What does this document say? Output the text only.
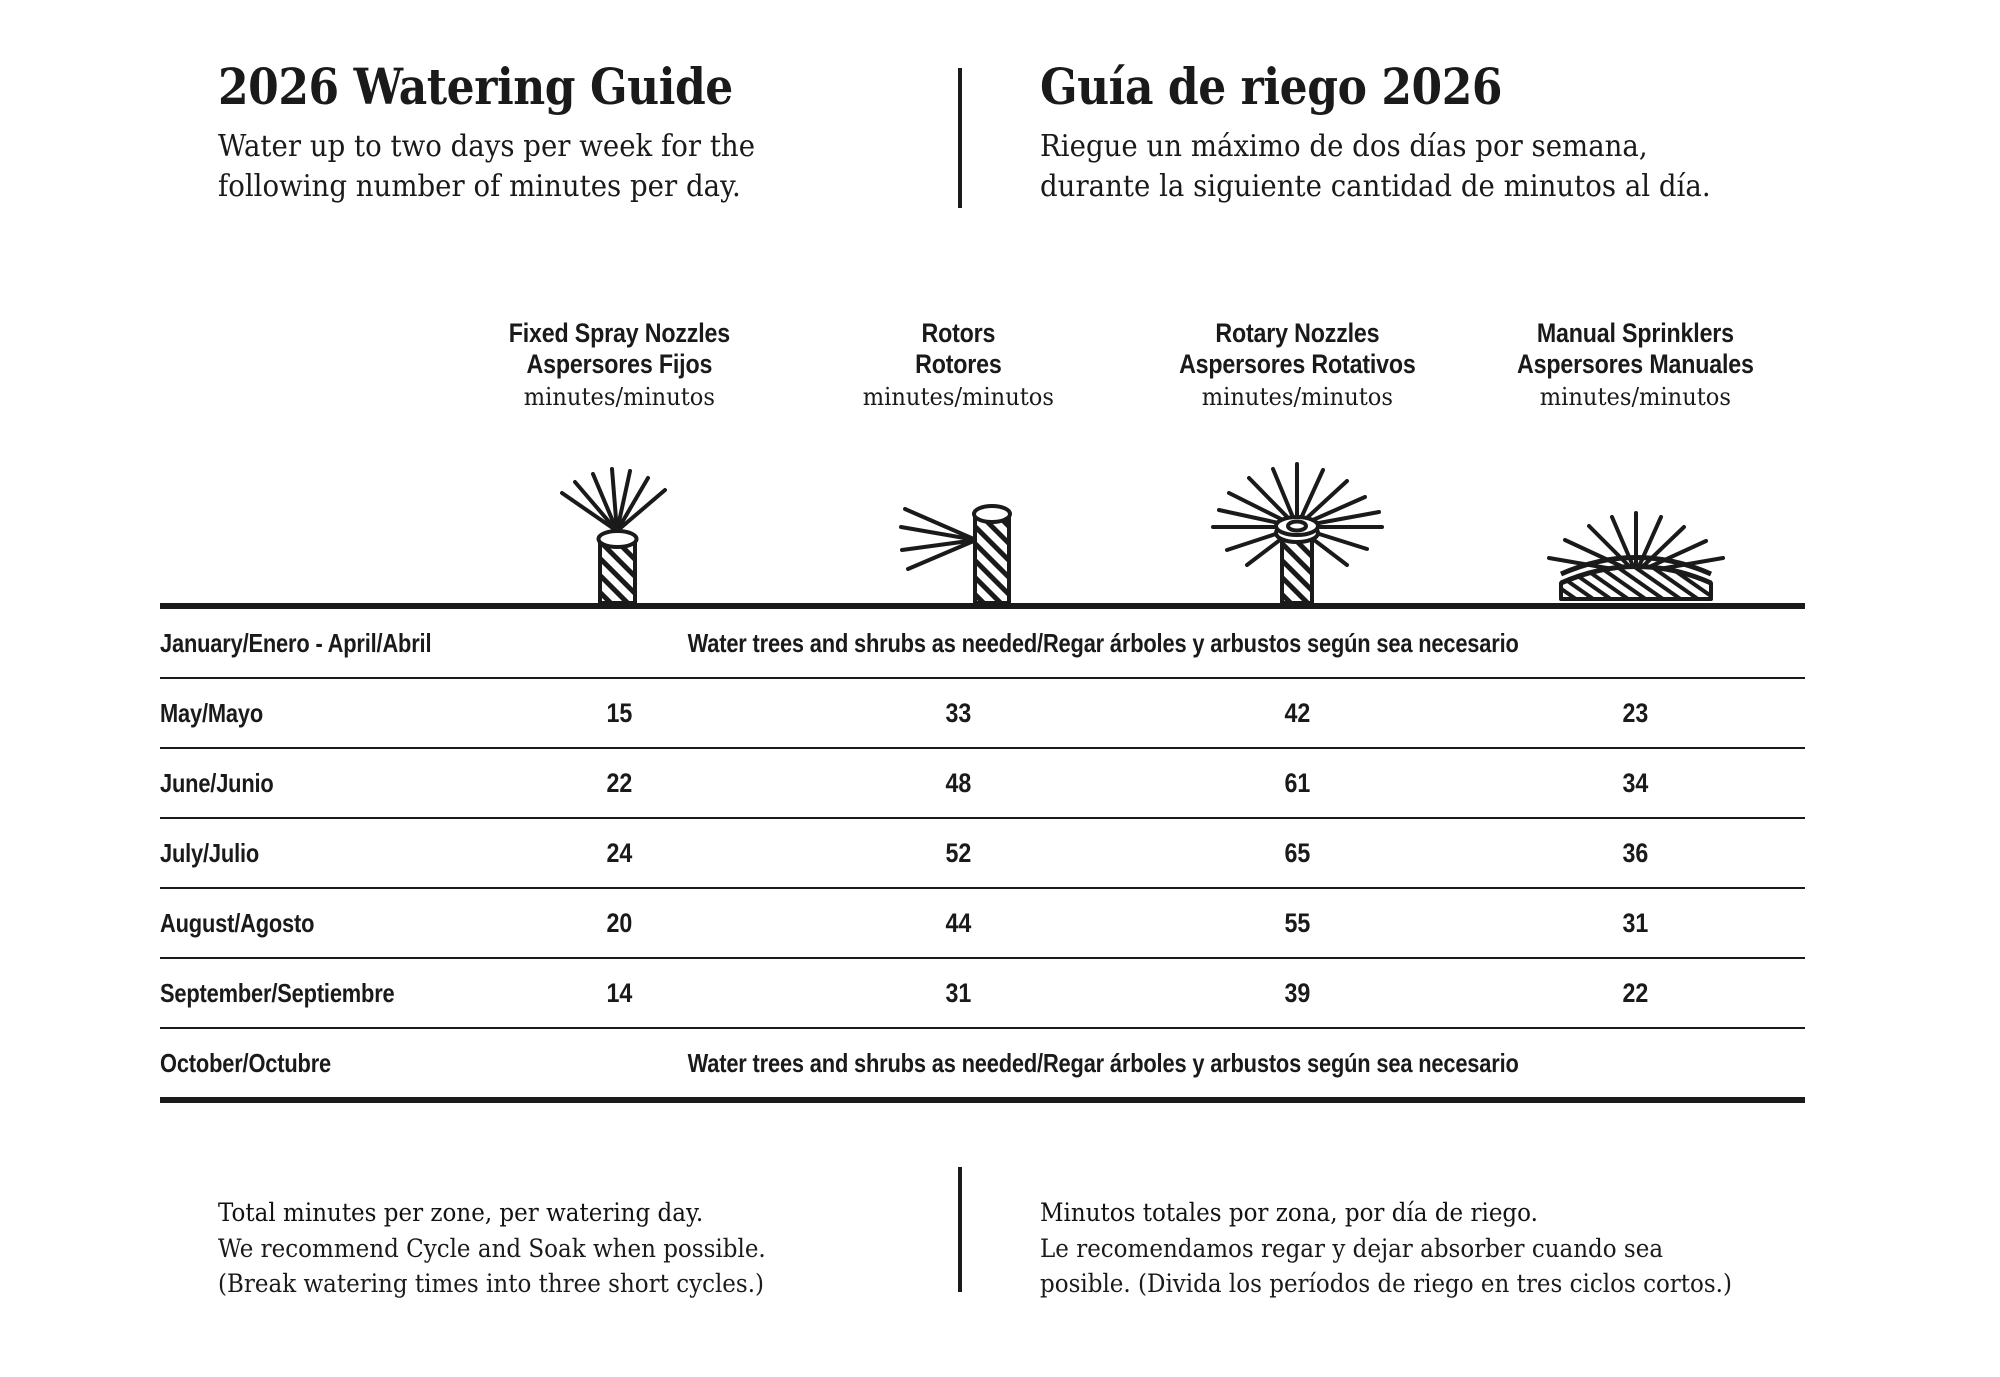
2026 Watering Guide
Water up to two days per week for the
following number of minutes per day.
Guía de riego 2026
Riegue un máximo de dos días por semana,
durante la siguiente cantidad de minutos al día.
Fixed Spray Nozzles
Aspersores Fijos
minutes/minutos
Rotors
Rotores
minutes/minutos
Rotary Nozzles
Aspersores Rotativos
minutes/minutos
Manual Sprinklers
Aspersores Manuales
minutes/minutos
January/Enero - April/Abril	Water trees and shrubs as needed/Regar árboles y arbustos según sea necesario
May/Mayo	15	33	42	23
June/Junio	22	48	61	34
July/Julio	24	52	65	36
August/Agosto	20	44	55	31
September/Septiembre	14	31	39	22
October/Octubre	Water trees and shrubs as needed/Regar árboles y arbustos según sea necesario
Total minutes per zone, per watering day.
We recommend Cycle and Soak when possible.
(Break watering times into three short cycles.)
Minutos totales por zona, por día de riego.
Le recomendamos regar y dejar absorber cuando sea
posible. (Divida los períodos de riego en tres ciclos cortos.)
